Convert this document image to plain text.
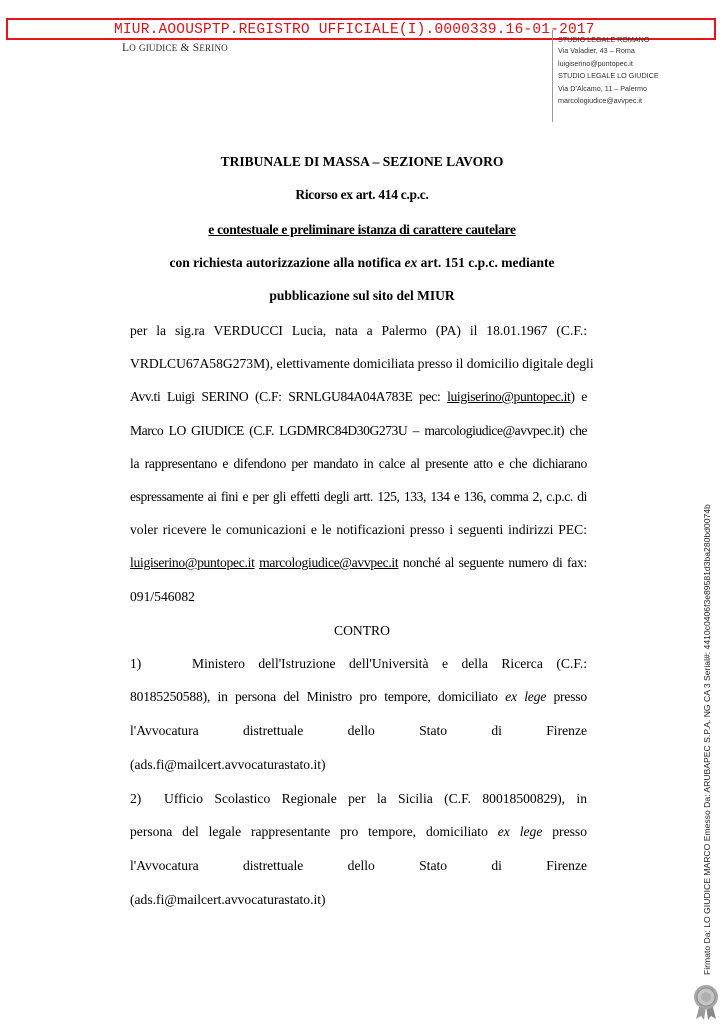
MIUR.AOOUSPTP.REGISTRO UFFICIALE(I).0000339.16-01-2017
LO GIUDICE & SERINO
STUDIO LEGALE ROMANO
Via Valadier, 43 – Roma
luigiserino@puntopec.it
STUDIO LEGALE LO GIUDICE
Via D'Alcamo, 11 – Palermo
marcologiudice@avvpec.it
TRIBUNALE DI MASSA – SEZIONE LAVORO
Ricorso ex art. 414 c.p.c.
e contestuale e preliminare istanza di carattere cautelare
con richiesta autorizzazione alla notifica ex art. 151 c.p.c. mediante
pubblicazione sul sito del MIUR
per la sig.ra VERDUCCI Lucia, nata a Palermo (PA) il 18.01.1967 (C.F.:
VRDLCU67A58G273M), elettivamente domiciliata presso il domicilio digitale degli
Avv.ti Luigi SERINO (C.F: SRNLGU84A04A783E pec: luigiserino@puntopec.it) e
Marco LO GIUDICE (C.F. LGDMRC84D30G273U – marcologiudice@avvpec.it) che
la rappresentano e difendono per mandato in calce al presente atto e che dichiarano
espressamente ai fini e per gli effetti degli artt. 125, 133, 134 e 136, comma 2, c.p.c. di
voler ricevere le comunicazioni e le notificazioni presso i seguenti indirizzi PEC:
luigiserino@puntopec.it marcologiudice@avvpec.it nonché al seguente numero di fax:
091/546082
CONTRO
1)	Ministero dell'Istruzione dell'Università e della Ricerca (C.F.:
80185250588), in persona del Ministro pro tempore, domiciliato ex lege presso
l'Avvocatura	distrettuale	dello	Stato	di	Firenze
(ads.fi@mailcert.avvocaturastato.it)
2) Ufficio Scolastico Regionale per la Sicilia (C.F. 80018500829), in
persona del legale rappresentante pro tempore, domiciliato ex lege presso
l'Avvocatura	distrettuale	dello	Stato	di	Firenze
(ads.fi@mailcert.avvocaturastato.it)	Firmato Da: LO GIUDICE MARCO Emesso Da: ARUBAPEC S.P.A. NG CA 3 Serial#: 4410c0406f3e89581d3ba280bd0074b
